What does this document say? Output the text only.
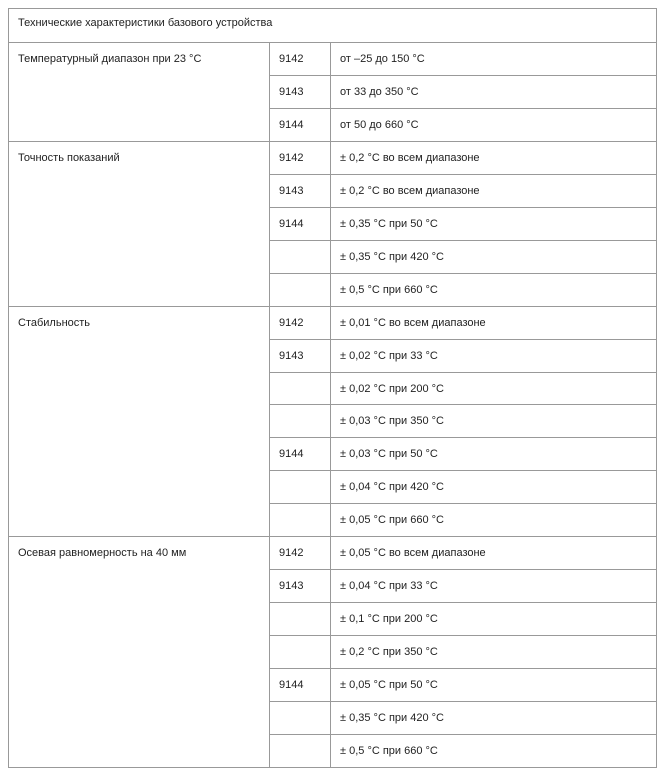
Технические характеристики базового устройства		
Температурный диапазон при 23 °C	9142	от –25 до 150 °C
	9143	от 33 до 350 °C
	9144	от 50 до 660 °C
Точность показаний	9142	± 0,2 °C во всем диапазоне
	9143	± 0,2 °C во всем диапазоне
	9144	± 0,35 °C при 50 °C
		± 0,35 °C при 420 °C
		± 0,5 °C при 660 °C
Стабильность	9142	± 0,01 °C во всем диапазоне
	9143	± 0,02 °C при 33 °C
		± 0,02 °C при 200 °C
		± 0,03 °C при 350 °C
	9144	± 0,03 °C при 50 °C
		± 0,04 °C при 420 °C
		± 0,05 °C при 660 °C
Осевая равномерность на 40 мм	9142	± 0,05 °C во всем диапазоне
	9143	± 0,04 °C при 33 °C
		± 0,1 °C при 200 °C
		± 0,2 °C при 350 °C
	9144	± 0,05 °C при 50 °C
		± 0,35 °C при 420 °C
		± 0,5 °C при 660 °C
